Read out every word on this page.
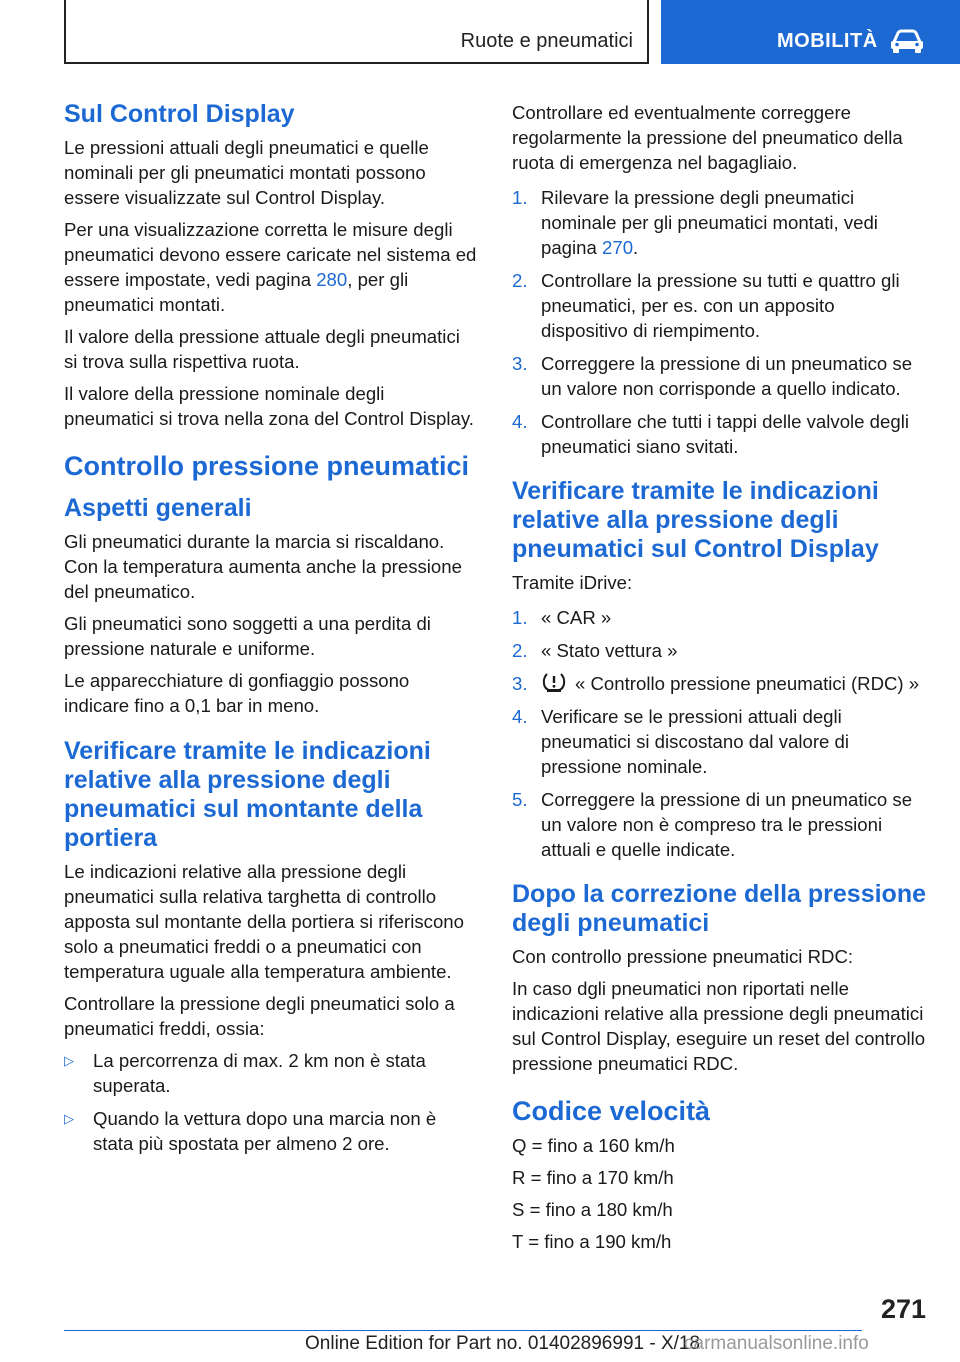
Ruote e pneumatici	MOBILITÀ
Sul Control Display
Le pressioni attuali degli pneumatici e quelle nominali per gli pneumatici montati possono essere visualizzate sul Control Display.
Per una visualizzazione corretta le misure degli pneumatici devono essere caricate nel sistema ed essere impostate, vedi pagina 280, per gli pneumatici montati.
Il valore della pressione attuale degli pneumatici si trova sulla rispettiva ruota.
Il valore della pressione nominale degli pneumatici si trova nella zona del Control Display.
Controllo pressione pneumatici
Aspetti generali
Gli pneumatici durante la marcia si riscaldano. Con la temperatura aumenta anche la pressione del pneumatico.
Gli pneumatici sono soggetti a una perdita di pressione naturale e uniforme.
Le apparecchiature di gonfiaggio possono indicare fino a 0,1 bar in meno.
Verificare tramite le indicazioni relative alla pressione degli pneumatici sul montante della portiera
Le indicazioni relative alla pressione degli pneumatici sulla relativa targhetta di controllo apposta sul montante della portiera si riferiscono solo a pneumatici freddi o a pneumatici con temperatura uguale alla temperatura ambiente.
Controllare la pressione degli pneumatici solo a pneumatici freddi, ossia:
▷	La percorrenza di max. 2 km non è stata superata.
▷	Quando la vettura dopo una marcia non è stata più spostata per almeno 2 ore.
Controllare ed eventualmente correggere regolarmente la pressione del pneumatico della ruota di emergenza nel bagagliaio.
1. Rilevare la pressione degli pneumatici nominale per gli pneumatici montati, vedi pagina 270.
2. Controllare la pressione su tutti e quattro gli pneumatici, per es. con un apposito dispositivo di riempimento.
3. Correggere la pressione di un pneumatico se un valore non corrisponde a quello indicato.
4. Controllare che tutti i tappi delle valvole degli pneumatici siano svitati.
Verificare tramite le indicazioni relative alla pressione degli pneumatici sul Control Display
Tramite iDrive:
1. « CAR »
2. « Stato vettura »
3.	« Controllo pressione pneumatici (RDC) »
4. Verificare se le pressioni attuali degli pneumatici si discostano dal valore di pressione nominale.
5. Correggere la pressione di un pneumatico se un valore non è compreso tra le pressioni attuali e quelle indicate.
Dopo la correzione della pressione degli pneumatici
Con controllo pressione pneumatici RDC:
In caso dgli pneumatici non riportati nelle indicazioni relative alla pressione degli pneumatici sul Control Display, eseguire un reset del controllo pressione pneumatici RDC.
Codice velocità
Q = fino a 160 km/h
R = fino a 170 km/h
S = fino a 180 km/h
T = fino a 190 km/h
271
Online Edition for Part no. 01402896991 - X/18
carmanualsonline.info
